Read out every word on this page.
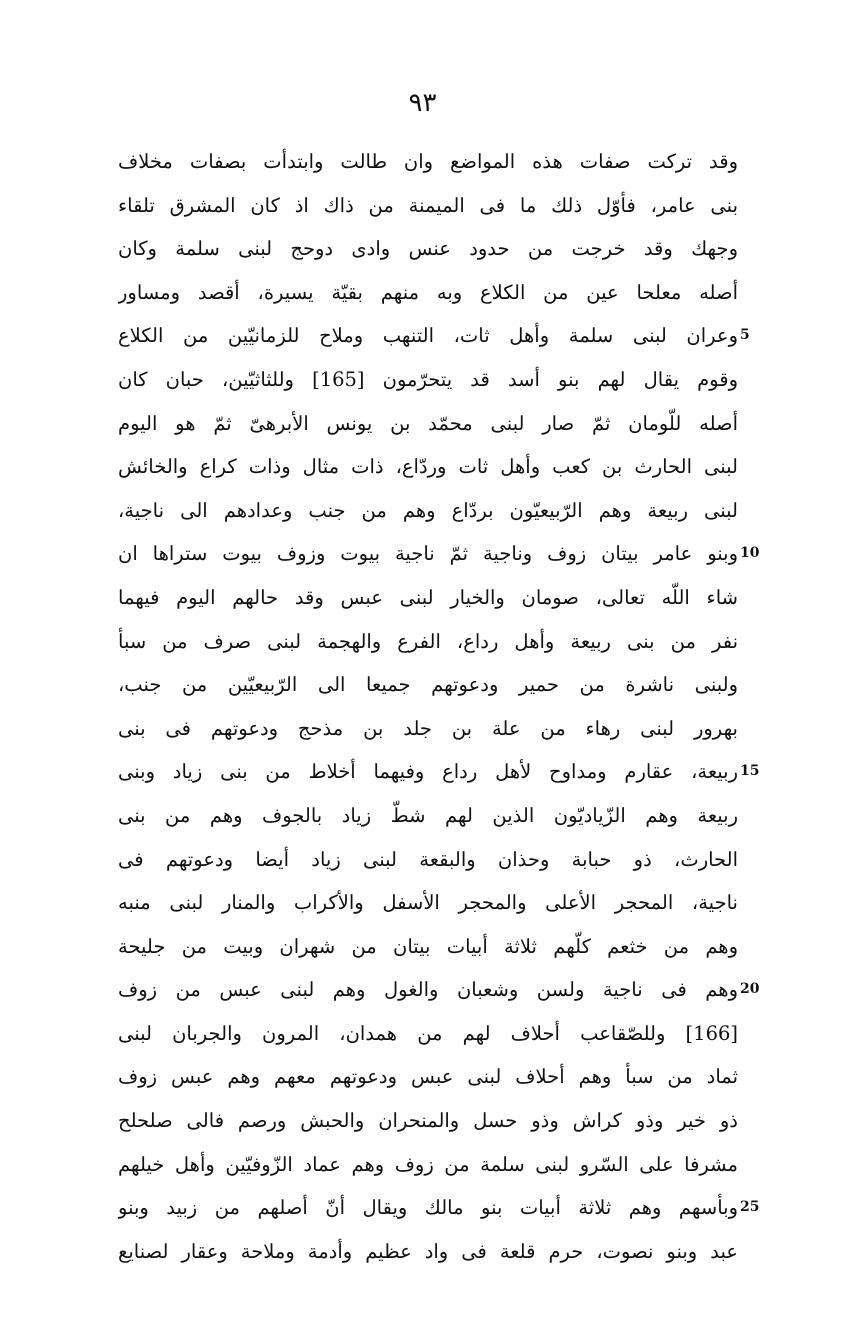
٩٣
وقد تركت صفات هذه المواضع وان طالت وابتدأت بصفات مخلاف
بنى عامر، فأوّل ذلك ما فى الميمنة من ذاك اذ كان المشرق تلقاء
وجهك وقد خرجت من حدود عنس وادى دوحج لبنى سلمة وكان
أصله معلحا عين من الكلاع وبه منهم بقيّة يسيرة، أقصد ومساور
وعران لبنى سلمة وأهل ثات، التنهب وملاح للزمانيّين من الكلاع 5
وقوم يقال لهم بنو أسد قد يتحرّمون [165] وللثاثيّين، حبان كان
أصله للّومان ثمّ صار لبنى محمّد بن يونس الأبرهىّ ثمّ هو اليوم
لبنى الحارث بن كعب وأهل ثات وردّاع، ذات مثال وذات كراع والخائش
لبنى ربيعة وهم الرّبيعيّون بردّاع وهم من جنب وعدادهم الى ناجية،
وبنو عامر بيتان زوف وناجية ثمّ ناجية بيوت وزوف بيوت ستراها ان 10
شاء اللّه تعالى، صومان والخيار لبنى عبس وقد حالهم اليوم فيهما
نفر من بنى ربيعة وأهل رداع، الفرع والهجمة لبنى صرف من سبأ
ولبنى ناشرة من حمير ودعوتهم جميعا الى الرّبيعيّين من جنب،
بهرور لبنى رهاء من علة بن جلد بن مذحج ودعوتهم فى بنى
ربيعة، عقارم ومداوح لأهل رداع وفيهما أخلاط من بنى زياد وبنى 15
ربيعة وهم الزّياديّون الذين لهم شطّ زياد بالجوف وهم من بنى
الحارث، ذو حبابة وحذان والبقعة لبنى زياد أيضا ودعوتهم فى
ناجية، المحجر الأعلى والمحجر الأسفل والأكراب والمنار لبنى منبه
وهم من خثعم كلّهم ثلاثة أبيات بيتان من شهران وبيت من جليحة
وهم فى ناجية ولسن وشعبان والغول وهم لبنى عبس من زوف 20
[166] وللصّقاعب أحلاف لهم من همدان، المرون والجربان لبنى
ثماد من سبأ وهم أحلاف لبنى عبس ودعوتهم معهم وهم عبس زوف
ذو خير وذو كراش وذو حسل والمنحران والحبش ورصم فالى صلحلح
مشرفا على السّرو لبنى سلمة من زوف وهم عماد الزّوفيّين وأهل خيلهم
وبأسهم وهم ثلاثة أبيات بنو مالك ويقال أنّ أصلهم من زبيد وبنو 25
عبد وبنو نصوت، حرم قلعة فى واد عظيم وأدمة وملاحة وعقار لصنايع
